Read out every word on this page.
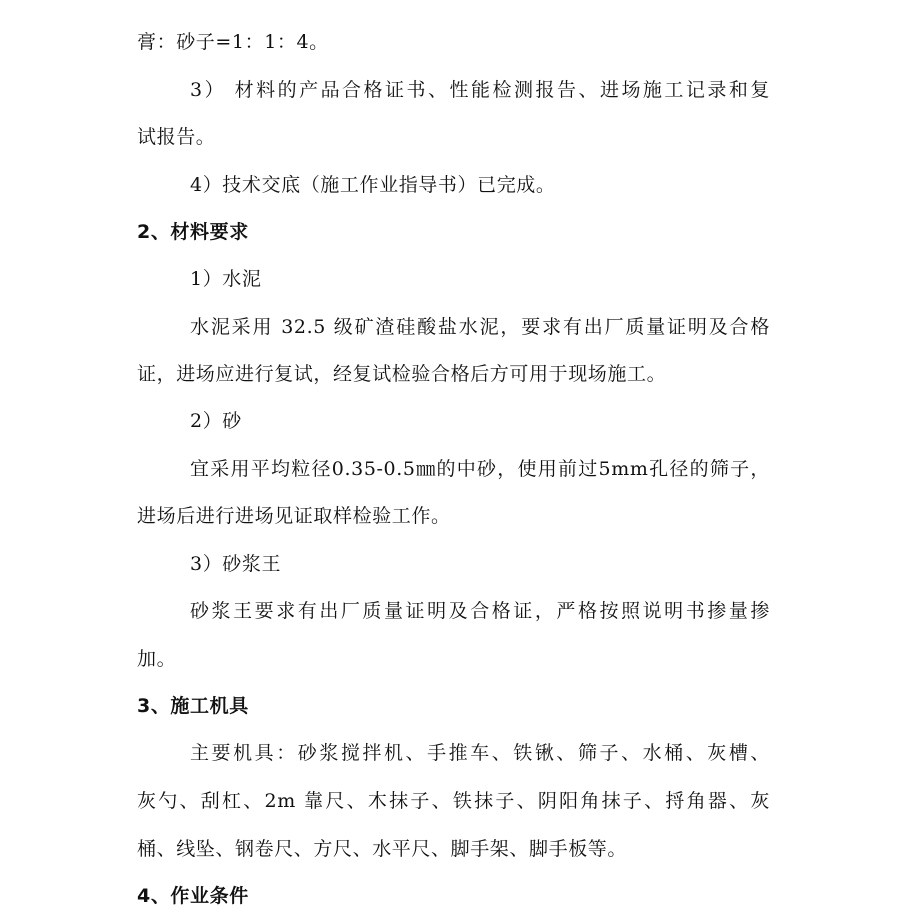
膏：砂子=1：1：4。
3） 材料的产品合格证书、性能检测报告、进场施工记录和复
试报告。
4）技术交底（施工作业指导书）已完成。
2、材料要求
1）水泥
水泥采用 32.5 级矿渣硅酸盐水泥，要求有出厂质量证明及合格
证，进场应进行复试，经复试检验合格后方可用于现场施工。
2）砂
宜采用平均粒径0.35-0.5㎜的中砂，使用前过5mm孔径的筛子，
进场后进行进场见证取样检验工作。
3）砂浆王
砂浆王要求有出厂质量证明及合格证，严格按照说明书掺量掺
加。
3、施工机具
主要机具：砂浆搅拌机、手推车、铁锹、筛子、水桶、灰槽、
灰勺、刮杠、2m 靠尺、木抹子、铁抹子、阴阳角抹子、捋角器、灰
桶、线坠、钢卷尺、方尺、水平尺、脚手架、脚手板等。
4、作业条件
